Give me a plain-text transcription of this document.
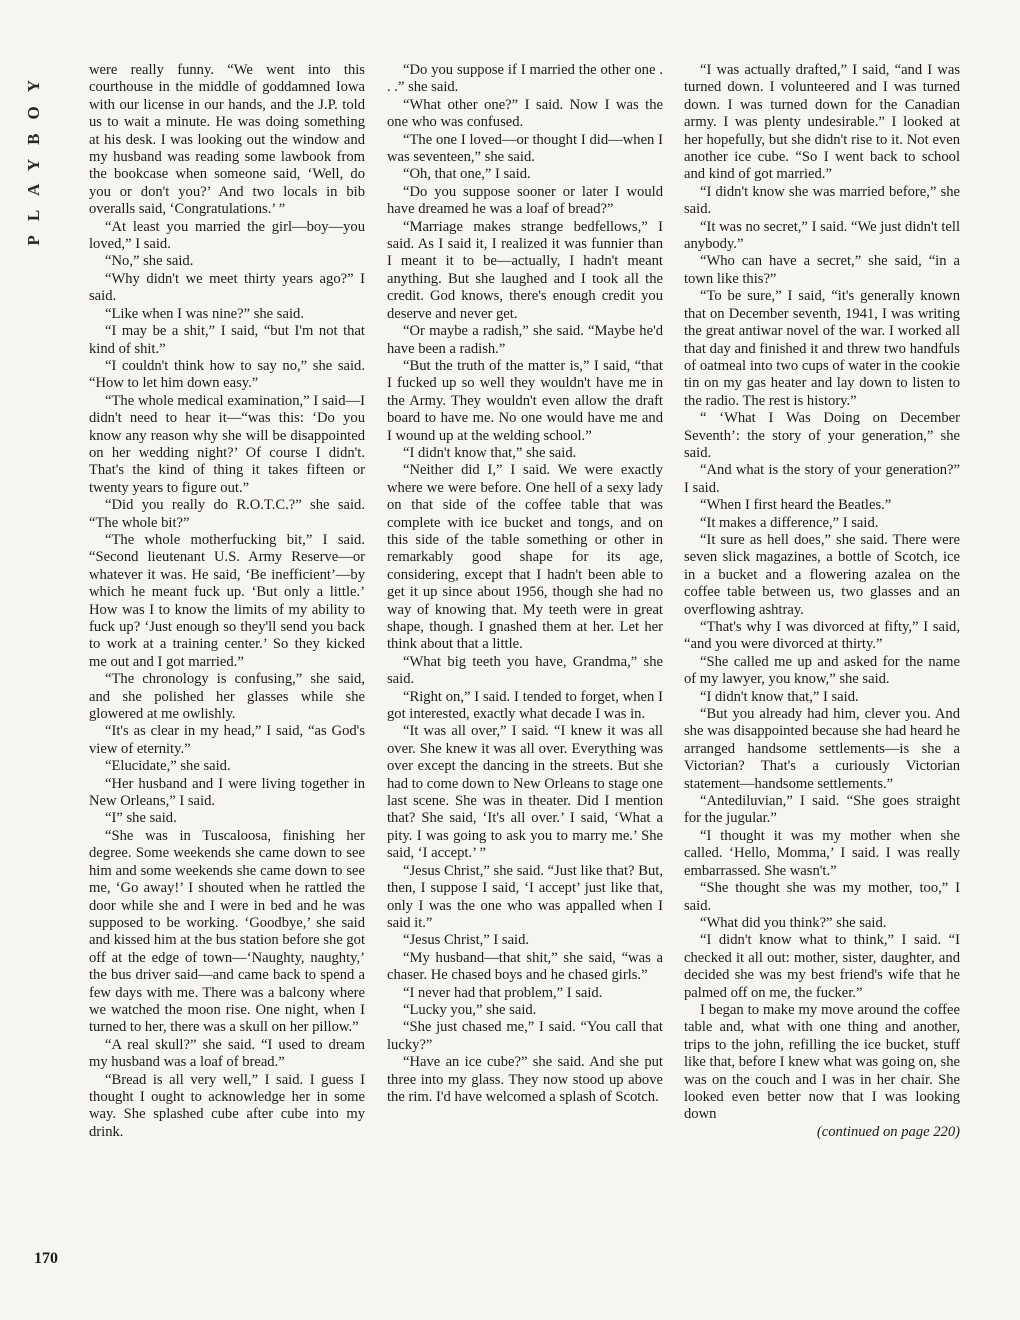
PLAYBOY	were really funny. “We went into this courthouse in the middle of goddamned Iowa with our license in our hands, and the J.P. told us to wait a minute. He was doing something at his desk. I was looking out the window and my husband was reading some lawbook from the bookcase when someone said, ‘Well, do you or don't you?’ And two locals in bib overalls said, ‘Congratulations.’ ”

“At least you married the girl—boy—you loved,” I said.

“No,” she said.

“Why didn't we meet thirty years ago?” I said.

“Like when I was nine?” she said.

“I may be a shit,” I said, “but I'm not that kind of shit.”

“I couldn't think how to say no,” she said. “How to let him down easy.”

“The whole medical examination,” I said—I didn't need to hear it—“was this: ‘Do you know any reason why she will be disappointed on her wedding night?’ Of course I didn't. That's the kind of thing it takes fifteen or twenty years to figure out.”

“Did you really do R.O.T.C.?” she said. “The whole bit?”

“The whole motherfucking bit,” I said. “Second lieutenant U.S. Army Reserve—or whatever it was. He said, ‘Be inefficient’—by which he meant fuck up. ‘But only a little.’ How was I to know the limits of my ability to fuck up? ‘Just enough so they'll send you back to work at a training center.’ So they kicked me out and I got married.”

“The chronology is confusing,” she said, and she polished her glasses while she glowered at me owlishly.

“It's as clear in my head,” I said, “as God's view of eternity.”

“Elucidate,” she said.

“Her husband and I were living together in New Orleans,” I said.

“I” she said.

“She was in Tuscaloosa, finishing her degree. Some weekends she came down to see him and some weekends she came down to see me, ‘Go away!’ I shouted when he rattled the door while she and I were in bed and he was supposed to be working. ‘Goodbye,’ she said and kissed him at the bus station before she got off at the edge of town—‘Naughty, naughty,’ the bus driver said—and came back to spend a few days with me. There was a balcony where we watched the moon rise. One night, when I turned to her, there was a skull on her pillow.”

“A real skull?” she said. “I used to dream my husband was a loaf of bread.”

“Bread is all very well,” I said. I guess I thought I ought to acknowledge her in some way. She splashed cube after cube into my drink.

“Do you suppose if I married the other one . . .” she said.

“What other one?” I said. Now I was the one who was confused.

“The one I loved—or thought I did—when I was seventeen,” she said.

“Oh, that one,” I said.

“Do you suppose sooner or later I would have dreamed he was a loaf of bread?”

“Marriage makes strange bedfellows,” I said. As I said it, I realized it was funnier than I meant it to be—actually, I hadn't meant anything. But she laughed and I took all the credit. God knows, there's enough credit you deserve and never get.

“Or maybe a radish,” she said. “Maybe he'd have been a radish.”

“But the truth of the matter is,” I said, “that I fucked up so well they wouldn't have me in the Army. They wouldn't even allow the draft board to have me. No one would have me and I wound up at the welding school.”

“I didn't know that,” she said.

“Neither did I,” I said. We were exactly where we were before. One hell of a sexy lady on that side of the coffee table that was complete with ice bucket and tongs, and on this side of the table something or other in remarkably good shape for its age, considering, except that I hadn't been able to get it up since about 1956, though she had no way of knowing that. My teeth were in great shape, though. I gnashed them at her. Let her think about that a little.

“What big teeth you have, Grandma,” she said.

“Right on,” I said. I tended to forget, when I got interested, exactly what decade I was in.

“It was all over,” I said. “I knew it was all over. She knew it was all over. Everything was over except the dancing in the streets. But she had to come down to New Orleans to stage one last scene. She was in theater. Did I mention that? She said, ‘It's all over.’ I said, ‘What a pity. I was going to ask you to marry me.’ She said, ‘I accept.’ ”

“Jesus Christ,” she said. “Just like that? But, then, I suppose I said, ‘I accept’ just like that, only I was the one who was appalled when I said it.”

“Jesus Christ,” I said.

“My husband—that shit,” she said, “was a chaser. He chased boys and he chased girls.”

“I never had that problem,” I said.

“Lucky you,” she said.

“She just chased me,” I said. “You call that lucky?”

“Have an ice cube?” she said. And she put three into my glass. They now stood up above the rim. I'd have welcomed a splash of Scotch.

“I was actually drafted,” I said, “and I was turned down. I volunteered and I was turned down. I was turned down for the Canadian army. I was plenty undesirable.” I looked at her hopefully, but she didn't rise to it. Not even another ice cube. “So I went back to school and kind of got married.”

“I didn't know she was married before,” she said.

“It was no secret,” I said. “We just didn't tell anybody.”

“Who can have a secret,” she said, “in a town like this?”

“To be sure,” I said, “it's generally known that on December seventh, 1941, I was writing the great antiwar novel of the war. I worked all that day and finished it and threw two handfuls of oatmeal into two cups of water in the cookie tin on my gas heater and lay down to listen to the radio. The rest is history.”

“ ‘What I Was Doing on December Seventh’: the story of your generation,” she said.

“And what is the story of your generation?” I said.

“When I first heard the Beatles.”

“It makes a difference,” I said.

“It sure as hell does,” she said. There were seven slick magazines, a bottle of Scotch, ice in a bucket and a flowering azalea on the coffee table between us, two glasses and an overflowing ashtray.

“That's why I was divorced at fifty,” I said, “and you were divorced at thirty.”

“She called me up and asked for the name of my lawyer, you know,” she said.

“I didn't know that,” I said.

“But you already had him, clever you. And she was disappointed because she had heard he arranged handsome settlements—is she a Victorian? That's a curiously Victorian statement—handsome settlements.”

“Antediluvian,” I said. “She goes straight for the jugular.”

“I thought it was my mother when she called. ‘Hello, Momma,’ I said. I was really embarrassed. She wasn't.”

“She thought she was my mother, too,” I said.

“What did you think?” she said.

“I didn't know what to think,” I said. “I checked it all out: mother, sister, daughter, and decided she was my best friend's wife that he palmed off on me, the fucker.”

I began to make my move around the coffee table and, what with one thing and another, trips to the john, refilling the ice bucket, stuff like that, before I knew what was going on, she was on the couch and I was in her chair. She looked even better now that I was looking down

(continued on page 220)

170
